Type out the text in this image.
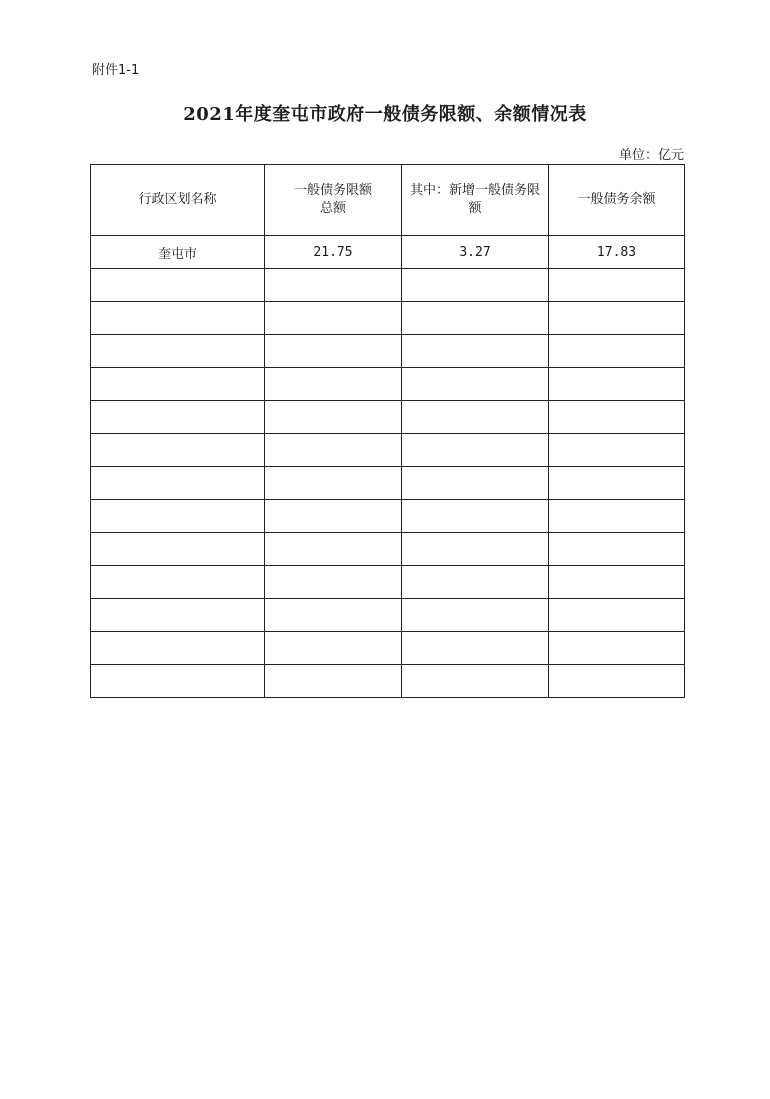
附件1-1
2021年度奎屯市政府一般债务限额、余额情况表
单位：亿元
行政区划名称	一般债务限额总额	其中：新增一般债务限额	一般债务余额
奎屯市	21.75	3.27	17.83
